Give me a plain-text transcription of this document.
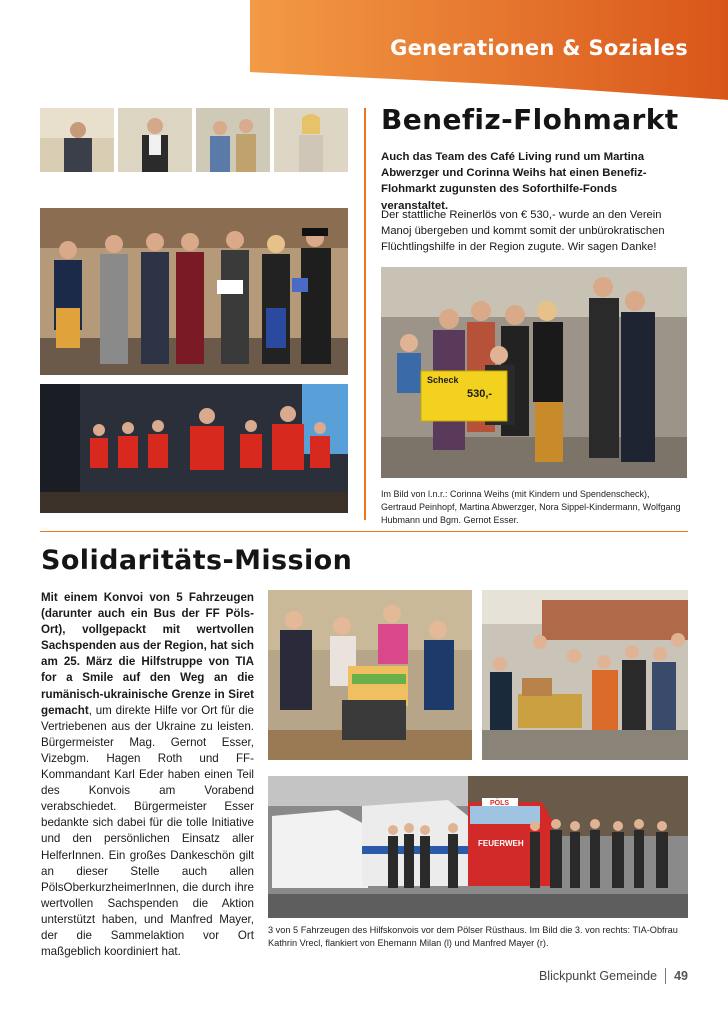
Generationen & Soziales
Benefiz-Flohmarkt
Auch das Team des Café Living rund um Martina Abwerzger und Corinna Weihs hat einen Benefiz-Flohmarkt zugunsten des Soforthilfe-Fonds veranstaltet.
Der stattliche Reinerlös von € 530,- wurde an den Verein Manoj übergeben und kommt somit der unbürokratischen Flüchtlingshilfe in der Region zugute. Wir sagen Danke!
Scheck
530,-
Im Bild von l.n.r.: Corinna Weihs (mit Kindern und Spendenscheck), Gertraud Peinhopf, Martina Abwerzger, Nora Sippel-Kindermann, Wolfgang Hubmann und Bgm. Gernot Esser.
Solidaritäts-Mission
Mit einem Konvoi von 5 Fahrzeugen (darunter auch ein Bus der FF Pöls-Ort), vollgepackt mit wertvollen Sachspenden aus der Region, hat sich am 25. März die Hilfstruppe von TIA for a Smile auf den Weg an die rumänisch-ukrainische Grenze in Siret gemacht, um direkte Hilfe vor Ort für die Vertriebenen aus der Ukraine zu leisten. Bürgermeister Mag. Gernot Esser, Vizebgm. Hagen Roth und FF-Kommandant Karl Eder haben einen Teil des Konvois am Vorabend verabschiedet. Bürgermeister Esser bedankte sich dabei für die tolle Initiative und den persönlichen Einsatz aller HelferInnen. Ein großes Dankeschön gilt an dieser Stelle auch allen PölsOberkurzheimerInnen, die durch ihre wertvollen Sachspenden die Aktion unterstützt haben, und Manfred Mayer, der die Sammelaktion vor Ort maßgeblich koordiniert hat.
FEUERWEH
PÖLS
3 von 5 Fahrzeugen des Hilfskonvois vor dem Pölser Rüsthaus. Im Bild die 3. von rechts: TIA-Obfrau Kathrin Vrecl, flankiert von Ehemann Milan (l) und Manfred Mayer (r).
Blickpunkt Gemeinde 49
